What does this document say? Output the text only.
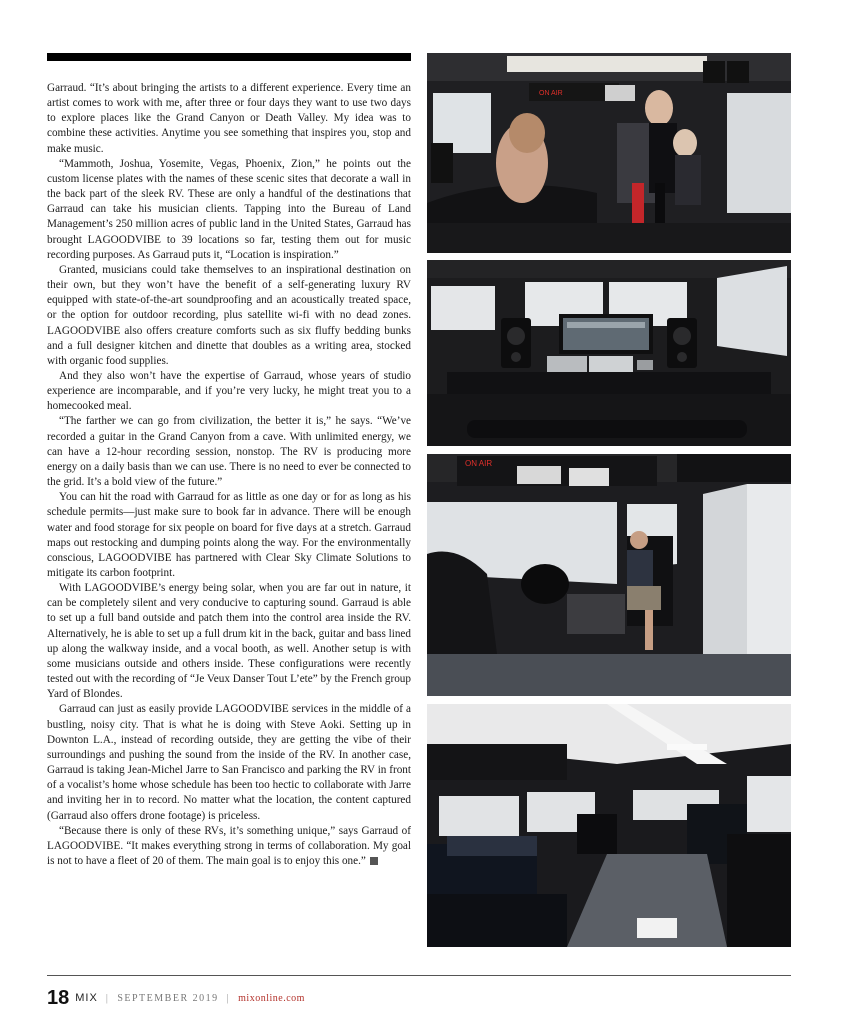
Garraud. “It’s about bringing the artists to a different experience. Every time an artist comes to work with me, after three or four days they want to use two days to explore places like the Grand Canyon or Death Valley. My idea was to combine these activities. Anytime you see something that inspires you, stop and make music.

“Mammoth, Joshua, Yosemite, Vegas, Phoenix, Zion,” he points out the custom license plates with the names of these scenic sites that decorate a wall in the back part of the sleek RV. These are only a handful of the destinations that Garraud can take his musician clients. Tapping into the Bureau of Land Management’s 250 million acres of public land in the United States, Garraud has brought LAGOODVIBE to 39 locations so far, testing them out for music recording purposes. As Garraud puts it, “Location is inspiration.”

Granted, musicians could take themselves to an inspirational destination on their own, but they won’t have the benefit of a self-generating luxury RV equipped with state-of-the-art soundproofing and an acoustically treated space, or the option for outdoor recording, plus satellite wi-fi with no dead zones. LAGOODVIBE also offers creature comforts such as six fluffy bedding bunks and a full designer kitchen and dinette that doubles as a writing area, stocked with organic food supplies.

And they also won’t have the expertise of Garraud, whose years of studio experience are incomparable, and if you’re very lucky, he might treat you to a homecooked meal.

“The farther we can go from civilization, the better it is,” he says. “We’ve recorded a guitar in the Grand Canyon from a cave. With unlimited energy, we can have a 12-hour recording session, nonstop. The RV is producing more energy on a daily basis than we can use. There is no need to ever be connected to the grid. It’s a bold view of the future.”

You can hit the road with Garraud for as little as one day or for as long as his schedule permits—just make sure to book far in advance. There will be enough water and food storage for six people on board for five days at a stretch. Garraud maps out restocking and dumping points along the way. For the environmentally conscious, LAGOODVIBE has partnered with Clear Sky Climate Solutions to mitigate its carbon footprint.

With LAGOODVIBE’s energy being solar, when you are far out in nature, it can be completely silent and very conducive to capturing sound. Garraud is able to set up a full band outside and patch them into the control area inside the RV. Alternatively, he is able to set up a full drum kit in the back, guitar and bass lined up along the walkway inside, and a vocal booth, as well. Another setup is with some musicians outside and others inside. These configurations were recently tested out with the recording of “Je Veux Danser Tout L’ete” by the French group Yard of Blondes.

Garraud can just as easily provide LAGOODVIBE services in the middle of a bustling, noisy city. That is what he is doing with Steve Aoki. Setting up in Downton L.A., instead of recording outside, they are getting the vibe of their surroundings and pushing the sound from the inside of the RV. In another case, Garraud is taking Jean-Michel Jarre to San Francisco and parking the RV in front of a vocalist’s home whose schedule has been too hectic to collaborate with Jarre and inviting her in to record. No matter what the location, the content captured (Garraud also offers drone footage) is priceless.

“Because there is only of these RVs, it’s something unique,” says Garraud of LAGOODVIBE. “It makes everything strong in terms of collaboration. My goal is not to have a fleet of 20 of them. The main goal is to enjoy this one.”

ON AIR
ON AIR
18 MIX | SEPTEMBER 2019 | mixonline.com
